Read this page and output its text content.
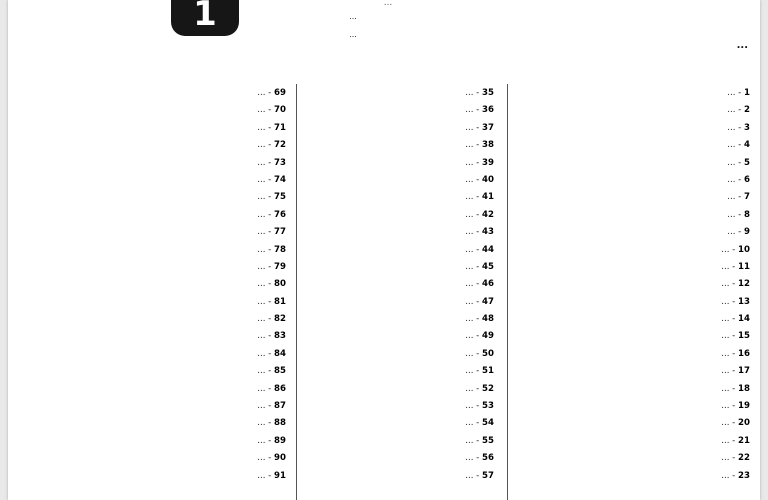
1	...
...
...
...
1 - ...
2 - ...
3 - ...
4 - ...
5 - ...
6 - ...
7 - ...
8 - ...
9 - ...
10 - ...
11 - ...
12 - ...
13 - ...
14 - ...
15 - ...
16 - ...
17 - ...
18 - ...
19 - ...
20 - ...
21 - ...
22 - ...
23 - ...
35 - ...
36 - ...
37 - ...
38 - ...
39 - ...
40 - ...
41 - ...
42 - ...
43 - ...
44 - ...
45 - ...
46 - ...
47 - ...
48 - ...
49 - ...
50 - ...
51 - ...
52 - ...
53 - ...
54 - ...
55 - ...
56 - ...
57 - ...
69 - ...
70 - ...
71 - ...
72 - ...
73 - ...
74 - ...
75 - ...
76 - ...
77 - ...
78 - ...
79 - ...
80 - ...
81 - ...
82 - ...
83 - ...
84 - ...
85 - ...
86 - ...
87 - ...
88 - ...
89 - ...
90 - ...
91 - ...
